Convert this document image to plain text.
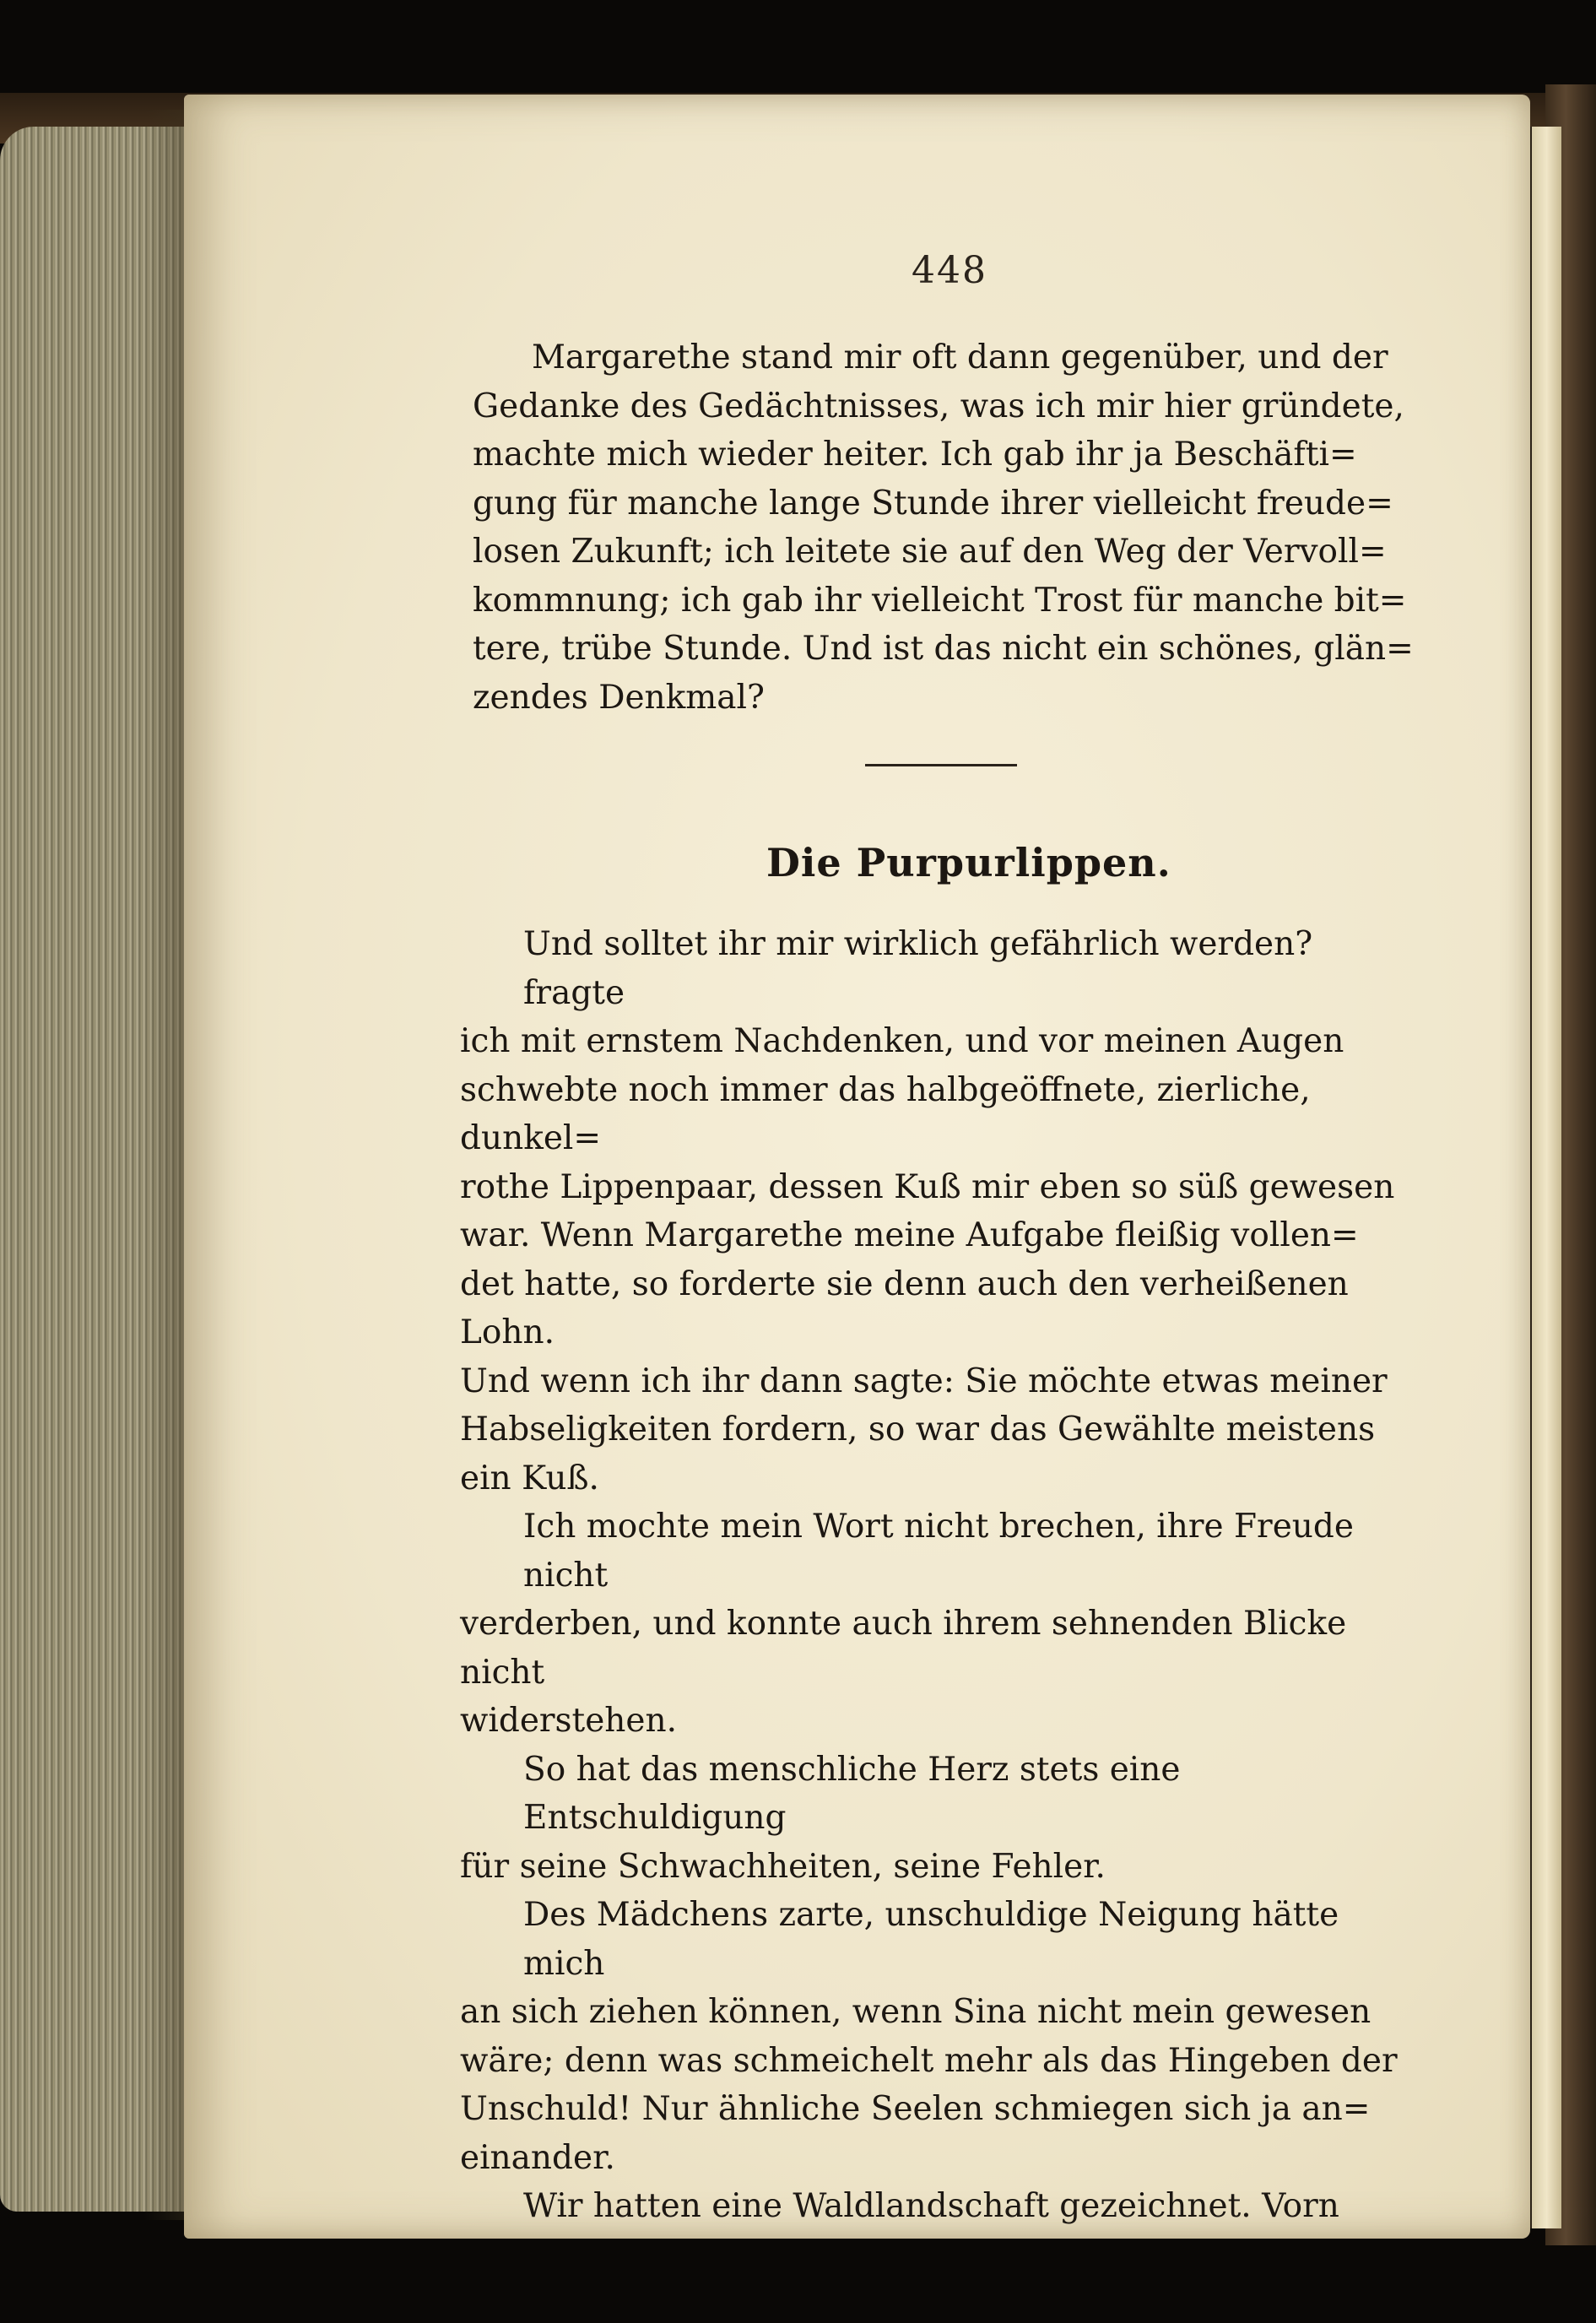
448
Margarethe stand mir oft dann gegenüber, und der
Gedanke des Gedächtnisses, was ich mir hier gründete,
machte mich wieder heiter. Ich gab ihr ja Beschäfti=
gung für manche lange Stunde ihrer vielleicht freude=
losen Zukunft; ich leitete sie auf den Weg der Vervoll=
kommnung; ich gab ihr vielleicht Trost für manche bit=
tere, trübe Stunde. Und ist das nicht ein schönes, glän=
zendes Denkmal?
Die Purpurlippen.
Und solltet ihr mir wirklich gefährlich werden? fragte
ich mit ernstem Nachdenken, und vor meinen Augen
schwebte noch immer das halbgeöffnete, zierliche, dunkel=
rothe Lippenpaar, dessen Kuß mir eben so süß gewesen
war. Wenn Margarethe meine Aufgabe fleißig vollen=
det hatte, so forderte sie denn auch den verheißenen Lohn.
Und wenn ich ihr dann sagte: Sie möchte etwas meiner
Habseligkeiten fordern, so war das Gewählte meistens
ein Kuß.
Ich mochte mein Wort nicht brechen, ihre Freude nicht
verderben, und konnte auch ihrem sehnenden Blicke nicht
widerstehen.
So hat das menschliche Herz stets eine Entschuldigung
für seine Schwachheiten, seine Fehler.
Des Mädchens zarte, unschuldige Neigung hätte mich
an sich ziehen können, wenn Sina nicht mein gewesen
wäre; denn was schmeichelt mehr als das Hingeben der
Unschuld! Nur ähnliche Seelen schmiegen sich ja an=
einander.
Wir hatten eine Waldlandschaft gezeichnet. Vorn
